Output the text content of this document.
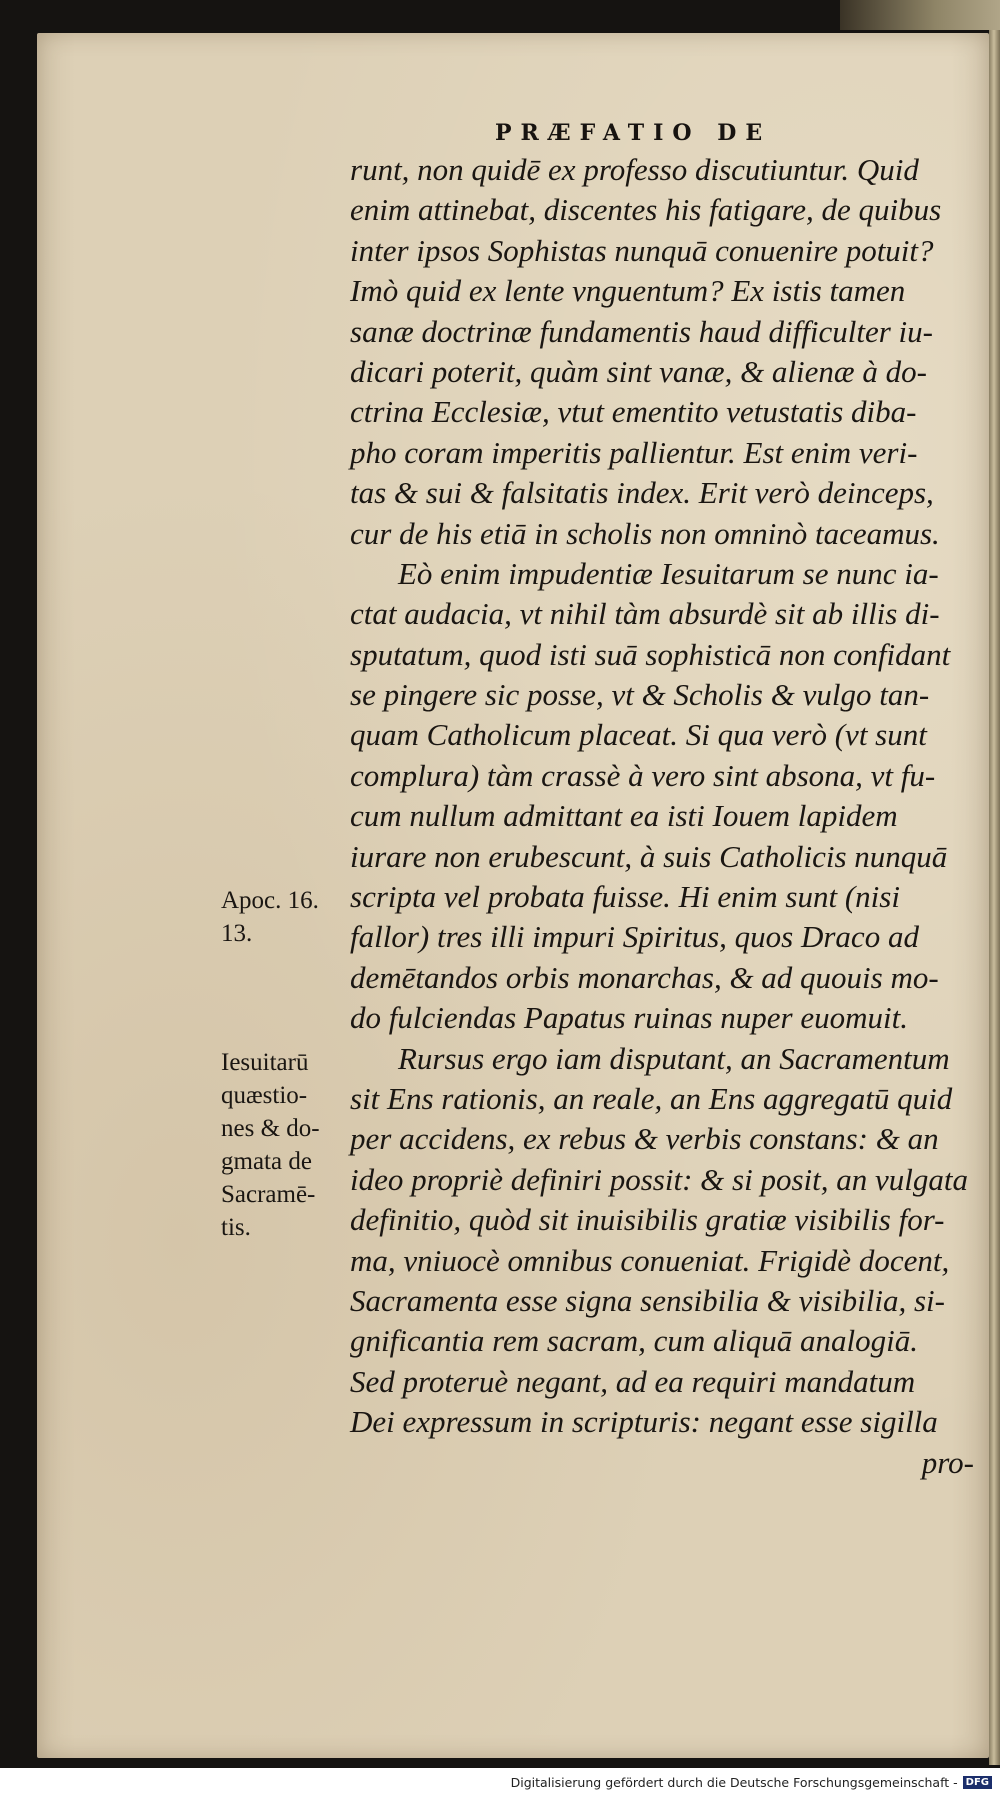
PRÆFATIO DE
runt, non quidē ex professo discutiuntur. Quid
enim attinebat, discentes his fatigare, de quibus
inter ipsos Sophistas nunquā conuenire potuit?
Imò quid ex lente vnguentum? Ex istis tamen
sanæ doctrinæ fundamentis haud difficulter iu-
dicari poterit, quàm sint vanæ, & alienæ à do-
ctrina Ecclesiæ, vtut ementito vetustatis diba-
pho coram imperitis pallientur. Est enim veri-
tas & sui & falsitatis index. Erit verò deinceps,
cur de his etiā in scholis non omninò taceamus.
Eò enim impudentiæ Iesuitarum se nunc ia-
ctat audacia, vt nihil tàm absurdè sit ab illis di-
sputatum, quod isti suā sophisticā non confidant
se pingere sic posse, vt & Scholis & vulgo tan-
quam Catholicum placeat. Si qua verò (vt sunt
complura) tàm crassè à vero sint absona, vt fu-
cum nullum admittant ea isti Iouem lapidem
iurare non erubescunt, à suis Catholicis nunquā
scripta vel probata fuisse. Hi enim sunt (nisi
fallor) tres illi impuri Spiritus, quos Draco ad
demētandos orbis monarchas, & ad quouis mo-
do fulciendas Papatus ruinas nuper euomuit.
Rursus ergo iam disputant, an Sacramentum
sit Ens rationis, an reale, an Ens aggregatū quid
per accidens, ex rebus & verbis constans: & an
ideo propriè definiri possit: & si posit, an vulgata
definitio, quòd sit inuisibilis gratiæ visibilis for-
ma, vniuocè omnibus conueniat. Frigidè docent,
Sacramenta esse signa sensibilia & visibilia, si-
gnificantia rem sacram, cum aliquā analogiā.
Sed proteruè negant, ad ea requiri mandatum
Dei expressum in scripturis: negant esse sigilla
pro-
Apoc. 16.
13.
Iesuitarū
quæstio-
nes & do-
gmata de
Sacramē-
tis.
Digitalisierung gefördert durch die Deutsche Forschungsgemeinschaft - DFG
